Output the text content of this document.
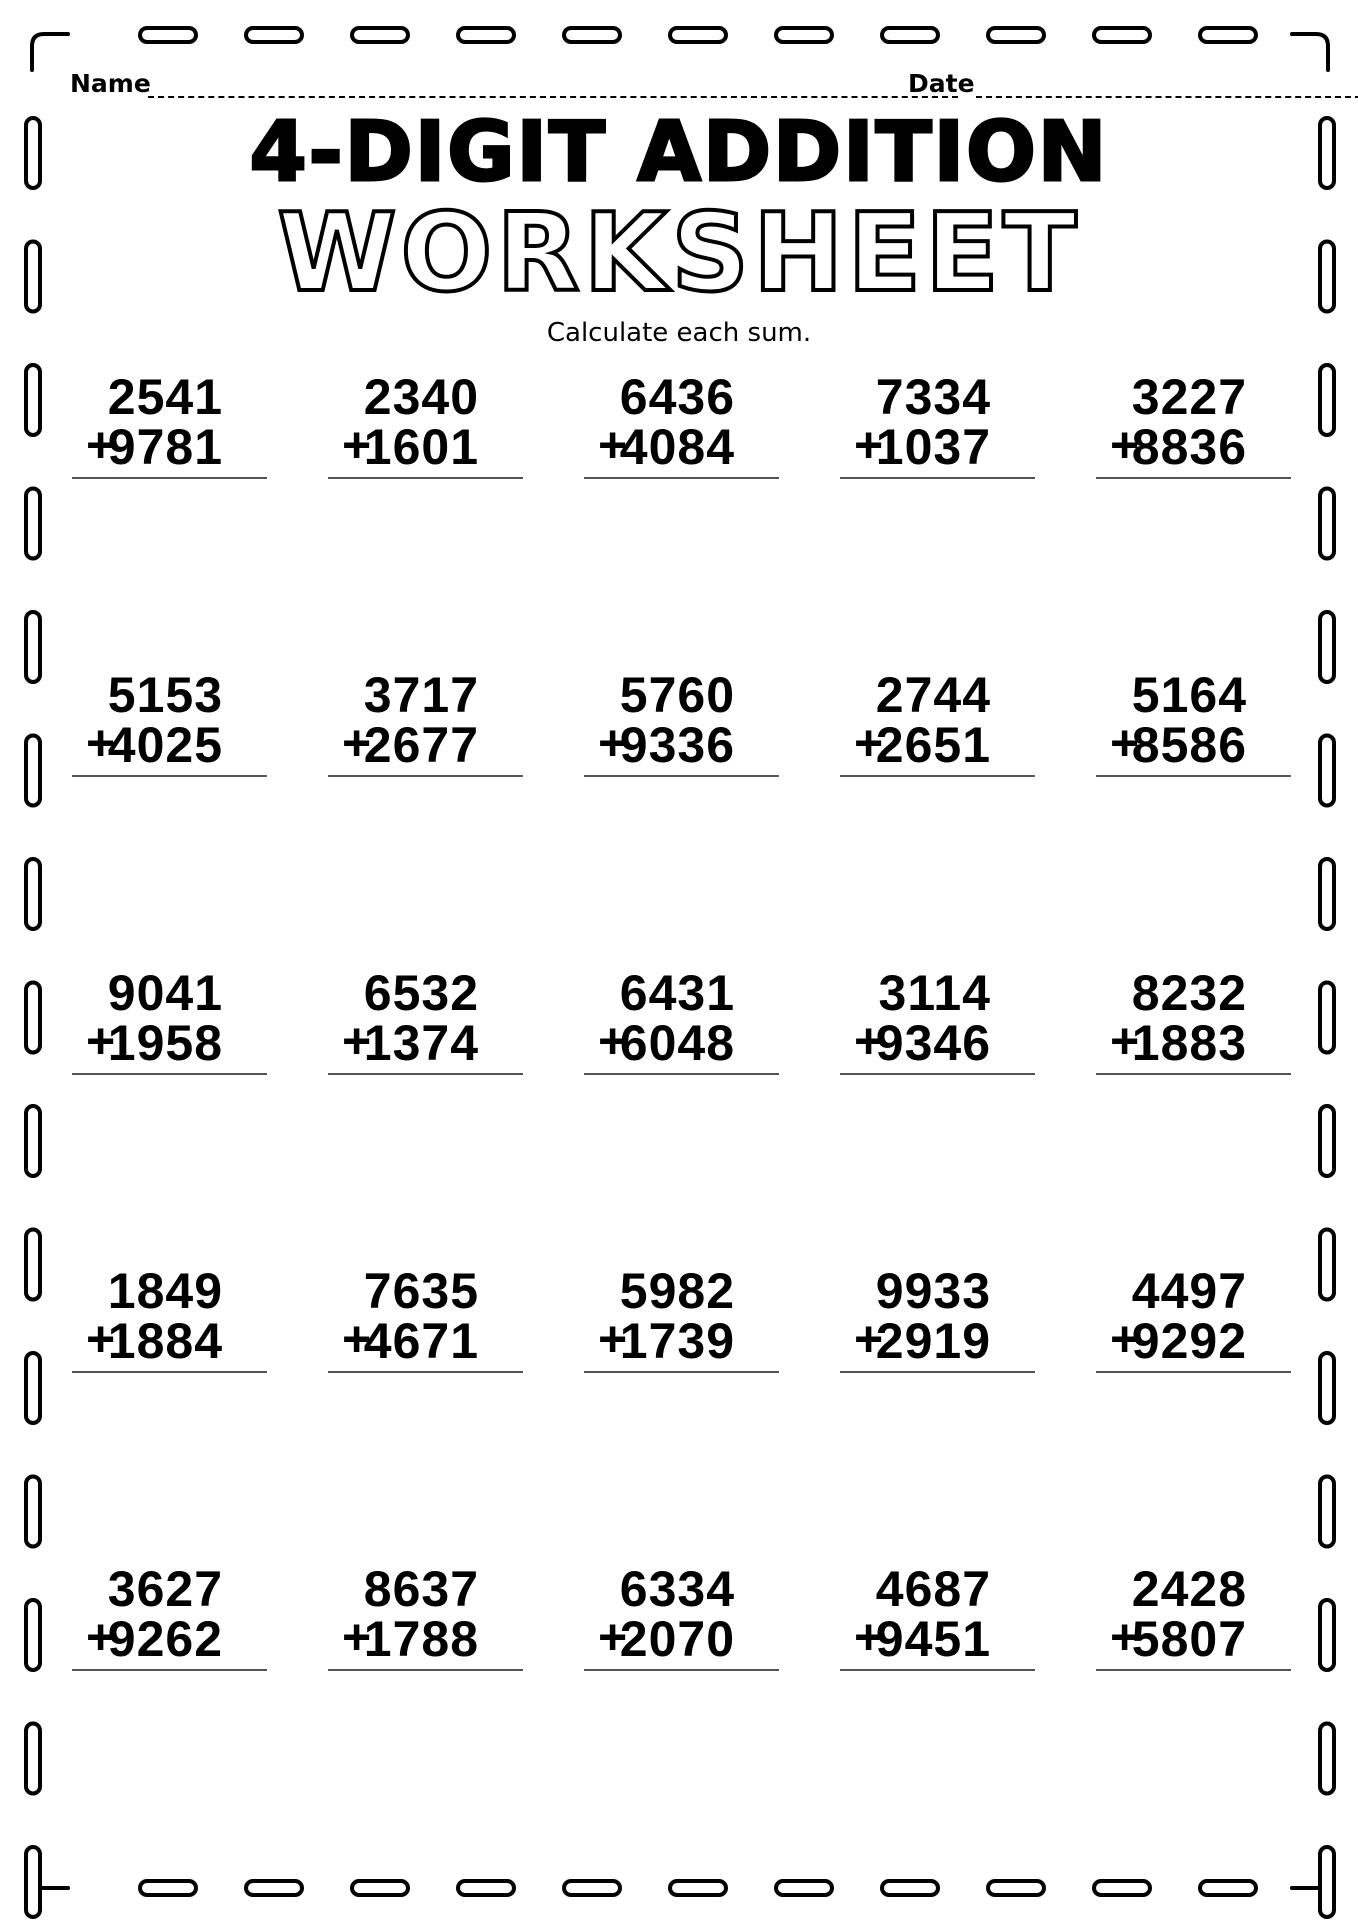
Name	Date
4-DIGIT ADDITION
WORKSHEET
Calculate each sum.
2541
+
9781
2340
+
1601
6436
+
4084
7334
+
1037
3227
+
8836
5153
+
4025
3717
+
2677
5760
+
9336
2744
+
2651
5164
+
8586
9041
+
1958
6532
+
1374
6431
+
6048
3114
+
9346
8232
+
1883
1849
+
1884
7635
+
4671
5982
+
1739
9933
+
2919
4497
+
9292
3627
+
9262
8637
+
1788
6334
+
2070
4687
+
9451
2428
+
5807
